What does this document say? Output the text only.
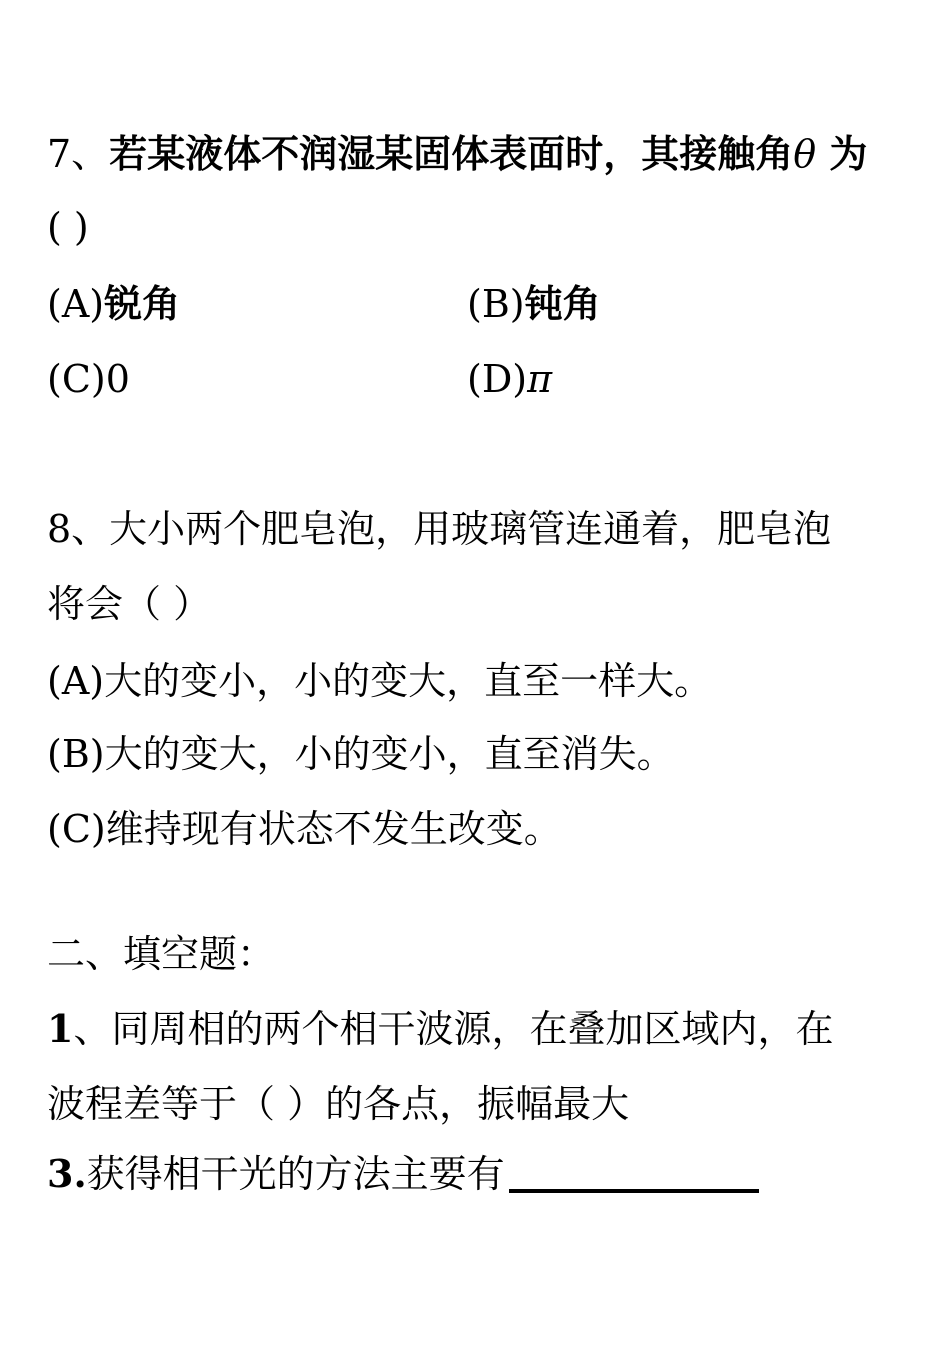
7、若某液体不润湿某固体表面时，其接触角θ 为
( )
(A)锐角	(B)钝角
(C)0	(D)π
8、大小两个肥皂泡，用玻璃管连通着，肥皂泡
将会（ ）
(A)大的变小，小的变大，直至一样大。
(B)大的变大，小的变小，直至消失。
(C)维持现有状态不发生改变。
二、填空题：
1、同周相的两个相干波源，在叠加区域内，在
波程差等于（ ）的各点，振幅最大
3.获得相干光的方法主要有
